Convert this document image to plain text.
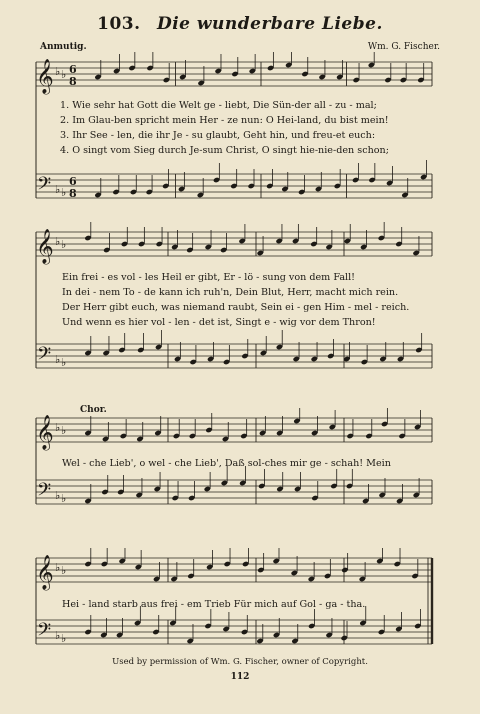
103. Die wunderbare Liebe.
Anmutig.	Wm. G. Fischer.
𝄞
𝄢
♭ ♭
♭ ♭
6
8
6
8
1. Wie sehr hat Gott die Welt ge - liebt, Die Sün-der all - zu - mal;
2. Im Glau-ben spricht mein Her - ze nun: O Hei-land, du bist mein!
3. Ihr See - len, die ihr Je - su glaubt, Geht hin, und freu-et euch:
4. O singt vom Sieg durch Je-sum Christ, O singt hie-nie-den schon;
𝄞
𝄢
♭ ♭
♭ ♭
Ein frei - es vol - les Heil er gibt, Er - lö - sung von dem Fall!
In dei - nem To - de kann ich ruh'n, Dein Blut, Herr, macht mich rein.
Der Herr gibt euch, was niemand raubt, Sein ei - gen Him - mel - reich.
Und wenn es hier vol - len - det ist, Singt e - wig vor dem Thron!
Chor.
𝄞
𝄢
♭ ♭
♭ ♭
Wel - che Lieb', o wel - che Lieb', Daß sol-ches mir ge - schah! Mein
𝄞
𝄢
♭ ♭
♭ ♭
Hei - land starb aus frei - em Trieb Für mich auf Gol - ga - tha.
Used by permission of Wm. G. Fischer, owner of Copyright.
112
